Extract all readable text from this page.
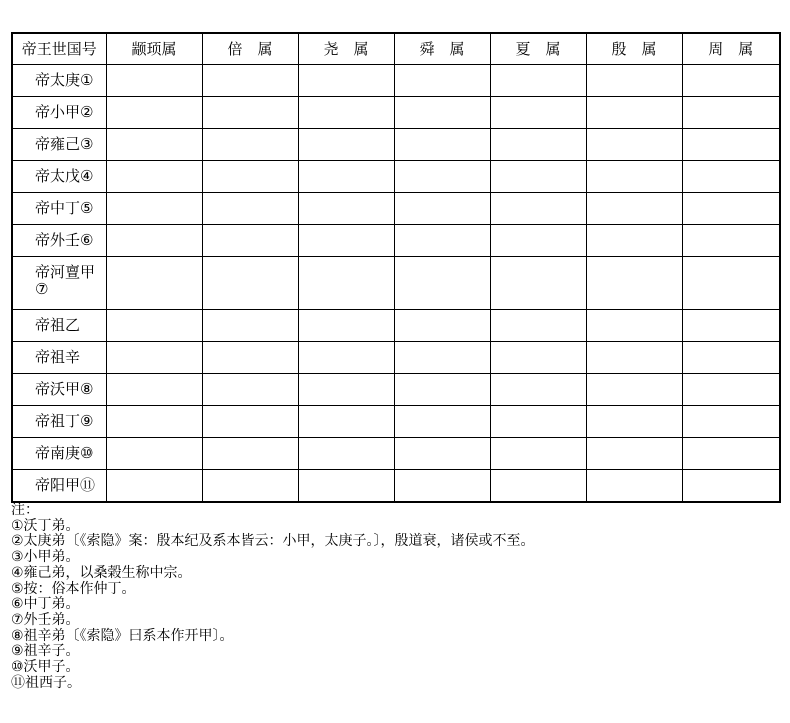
帝王世国号	颛顼属	倍　属	尧　属	舜　属	夏　属	殷　属	周　属
帝太庚①							
帝小甲②							
帝雍己③							
帝太戊④							
帝中丁⑤							
帝外壬⑥							
帝河亶甲⑦							
帝祖乙							
帝祖辛							
帝沃甲⑧							
帝祖丁⑨							
帝南庚⑩							
帝阳甲⑪							
注：
①沃丁弟。
②太庚弟〔《索隐》案：殷本纪及系本皆云：小甲，太庚子。〕，殷道衰，诸侯或不至。
③小甲弟。
④雍己弟，以桑榖生称中宗。
⑤按：俗本作仲丁。
⑥中丁弟。
⑦外壬弟。
⑧祖辛弟〔《索隐》曰系本作开甲〕。
⑨祖辛子。
⑩沃甲子。
⑪祖西子。
